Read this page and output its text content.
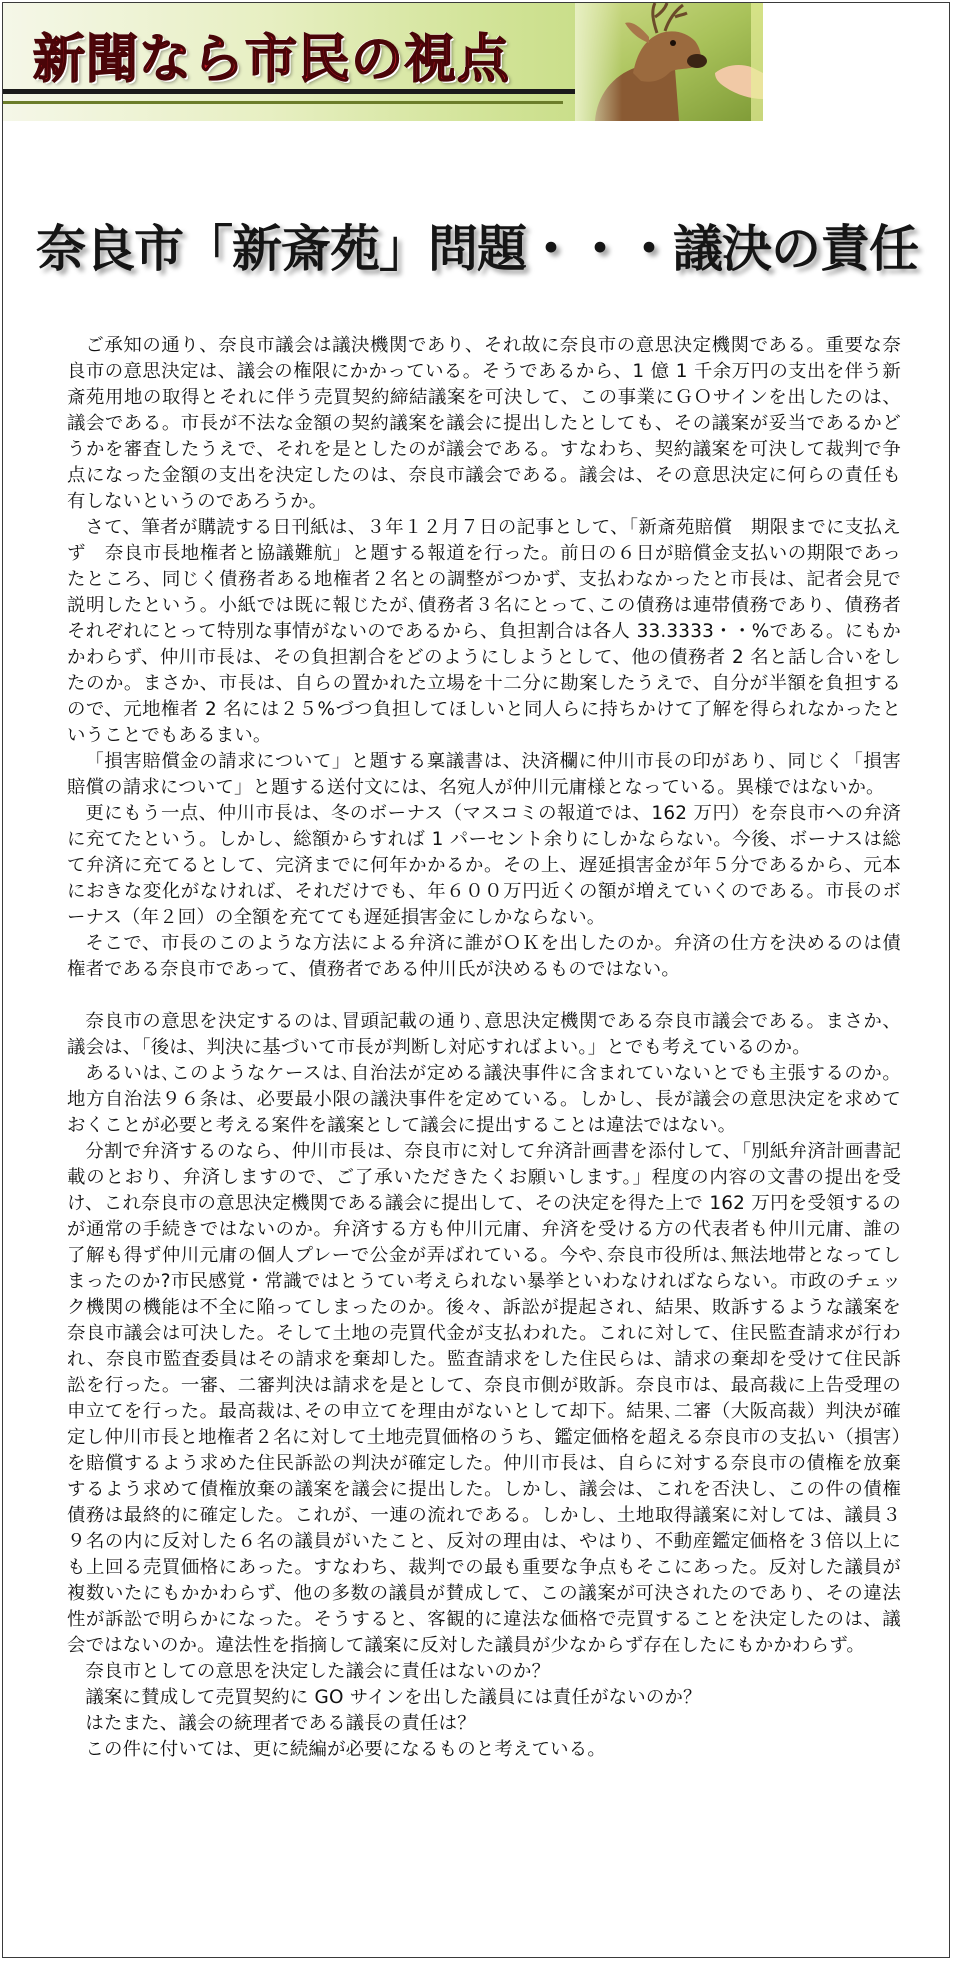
新聞なら市民の視点
奈良市「新斎苑」問題・・・議決の責任

ご承知の通り、奈良市議会は議決機関であり、それ故に奈良市の意思決定機関である。重要な奈良市の意思決定は、議会の権限にかかっている。そうであるから、1 億 1 千余万円の支出を伴う新斎苑用地の取得とそれに伴う売買契約締結議案を可決して、この事業にＧＯサインを出したのは、議会である。市長が不法な金額の契約議案を議会に提出したとしても、その議案が妥当であるかどうかを審査したうえで、それを是としたのが議会である。すなわち、契約議案を可決して裁判で争点になった金額の支出を決定したのは、奈良市議会である。議会は、その意思決定に何らの責任も有しないというのであろうか。

さて、筆者が購読する日刊紙は、３年１２月７日の記事として、「新斎苑賠償　期限までに支払えず　奈良市長地権者と協議難航」と題する報道を行った。前日の６日が賠償金支払いの期限であったところ、同じく債務者ある地権者２名との調整がつかず、支払わなかったと市長は、記者会見で説明したという。小紙では既に報じたが､債務者３名にとって､この債務は連帯債務であり、債務者それぞれにとって特別な事情がないのであるから、負担割合は各人 33.3333・・%である。にもかかわらず、仲川市長は、その負担割合をどのようにしようとして、他の債務者 2 名と話し合いをしたのか。まさか、市長は、自らの置かれた立場を十二分に勘案したうえで、自分が半額を負担するので、元地権者 2 名には２５%づつ負担してほしいと同人らに持ちかけて了解を得られなかったということでもあるまい。

「損害賠償金の請求について」と題する稟議書は、決済欄に仲川市長の印があり、同じく「損害賠償の請求について」と題する送付文には、名宛人が仲川元庸様となっている。異様ではないか。

更にもう一点、仲川市長は、冬のボーナス（マスコミの報道では、162 万円）を奈良市への弁済に充てたという。しかし、総額からすれば 1 パーセント余りにしかならない。今後、ボーナスは総て弁済に充てるとして、完済までに何年かかるか。その上、遅延損害金が年５分であるから、元本におきな変化がなければ、それだけでも、年６００万円近くの額が増えていくのである。市長のボーナス（年２回）の全額を充てても遅延損害金にしかならない。

そこで、市長のこのような方法による弁済に誰がＯＫを出したのか。弁済の仕方を決めるのは債権者である奈良市であって、債務者である仲川氏が決めるものではない。

奈良市の意思を決定するのは､冒頭記載の通り､意思決定機関である奈良市議会である。まさか、議会は、「後は、判決に基づいて市長が判断し対応すればよい。」とでも考えているのか。

あるいは､このようなケースは､自治法が定める議決事件に含まれていないとでも主張するのか。地方自治法９６条は、必要最小限の議決事件を定めている。しかし、長が議会の意思決定を求めておくことが必要と考える案件を議案として議会に提出することは違法ではない。

分割で弁済するのなら、仲川市長は、奈良市に対して弁済計画書を添付して、「別紙弁済計画書記載のとおり、弁済しますので、ご了承いただきたくお願いします。」程度の内容の文書の提出を受け、これ奈良市の意思決定機関である議会に提出して、その決定を得た上で 162 万円を受領するのが通常の手続きではないのか。弁済する方も仲川元庸、弁済を受ける方の代表者も仲川元庸、誰の了解も得ず仲川元庸の個人プレーで公金が弄ばれている。今や､奈良市役所は､無法地帯となってしまったのか?市民感覚・常識ではとうてい考えられない暴挙といわなければならない。市政のチェック機関の機能は不全に陥ってしまったのか。後々、訴訟が提起され、結果、敗訴するような議案を奈良市議会は可決した。そして土地の売買代金が支払われた。これに対して、住民監査請求が行われ、奈良市監査委員はその請求を棄却した。監査請求をした住民らは、請求の棄却を受けて住民訴訟を行った。一審、二審判決は請求を是として、奈良市側が敗訴。奈良市は、最高裁に上告受理の申立てを行った。最高裁は､その申立てを理由がないとして却下。結果､二審（大阪高裁）判決が確定し仲川市長と地権者２名に対して土地売買価格のうち、鑑定価格を超える奈良市の支払い（損害）を賠償するよう求めた住民訴訟の判決が確定した。仲川市長は、自らに対する奈良市の債権を放棄するよう求めて債権放棄の議案を議会に提出した。しかし、議会は、これを否決し、この件の債権債務は最終的に確定した。これが、一連の流れである。しかし、土地取得議案に対しては、議員３９名の内に反対した６名の議員がいたこと、反対の理由は、やはり、不動産鑑定価格を３倍以上にも上回る売買価格にあった。すなわち、裁判での最も重要な争点もそこにあった。反対した議員が複数いたにもかかわらず、他の多数の議員が賛成して、この議案が可決されたのであり、その違法性が訴訟で明らかになった。そうすると、客観的に違法な価格で売買することを決定したのは、議会ではないのか。違法性を指摘して議案に反対した議員が少なからず存在したにもかかわらず。

奈良市としての意思を決定した議会に責任はないのか？

議案に賛成して売買契約に GO サインを出した議員には責任がないのか？

はたまた、議会の統理者である議長の責任は？

この件に付いては、更に続編が必要になるものと考えている。
